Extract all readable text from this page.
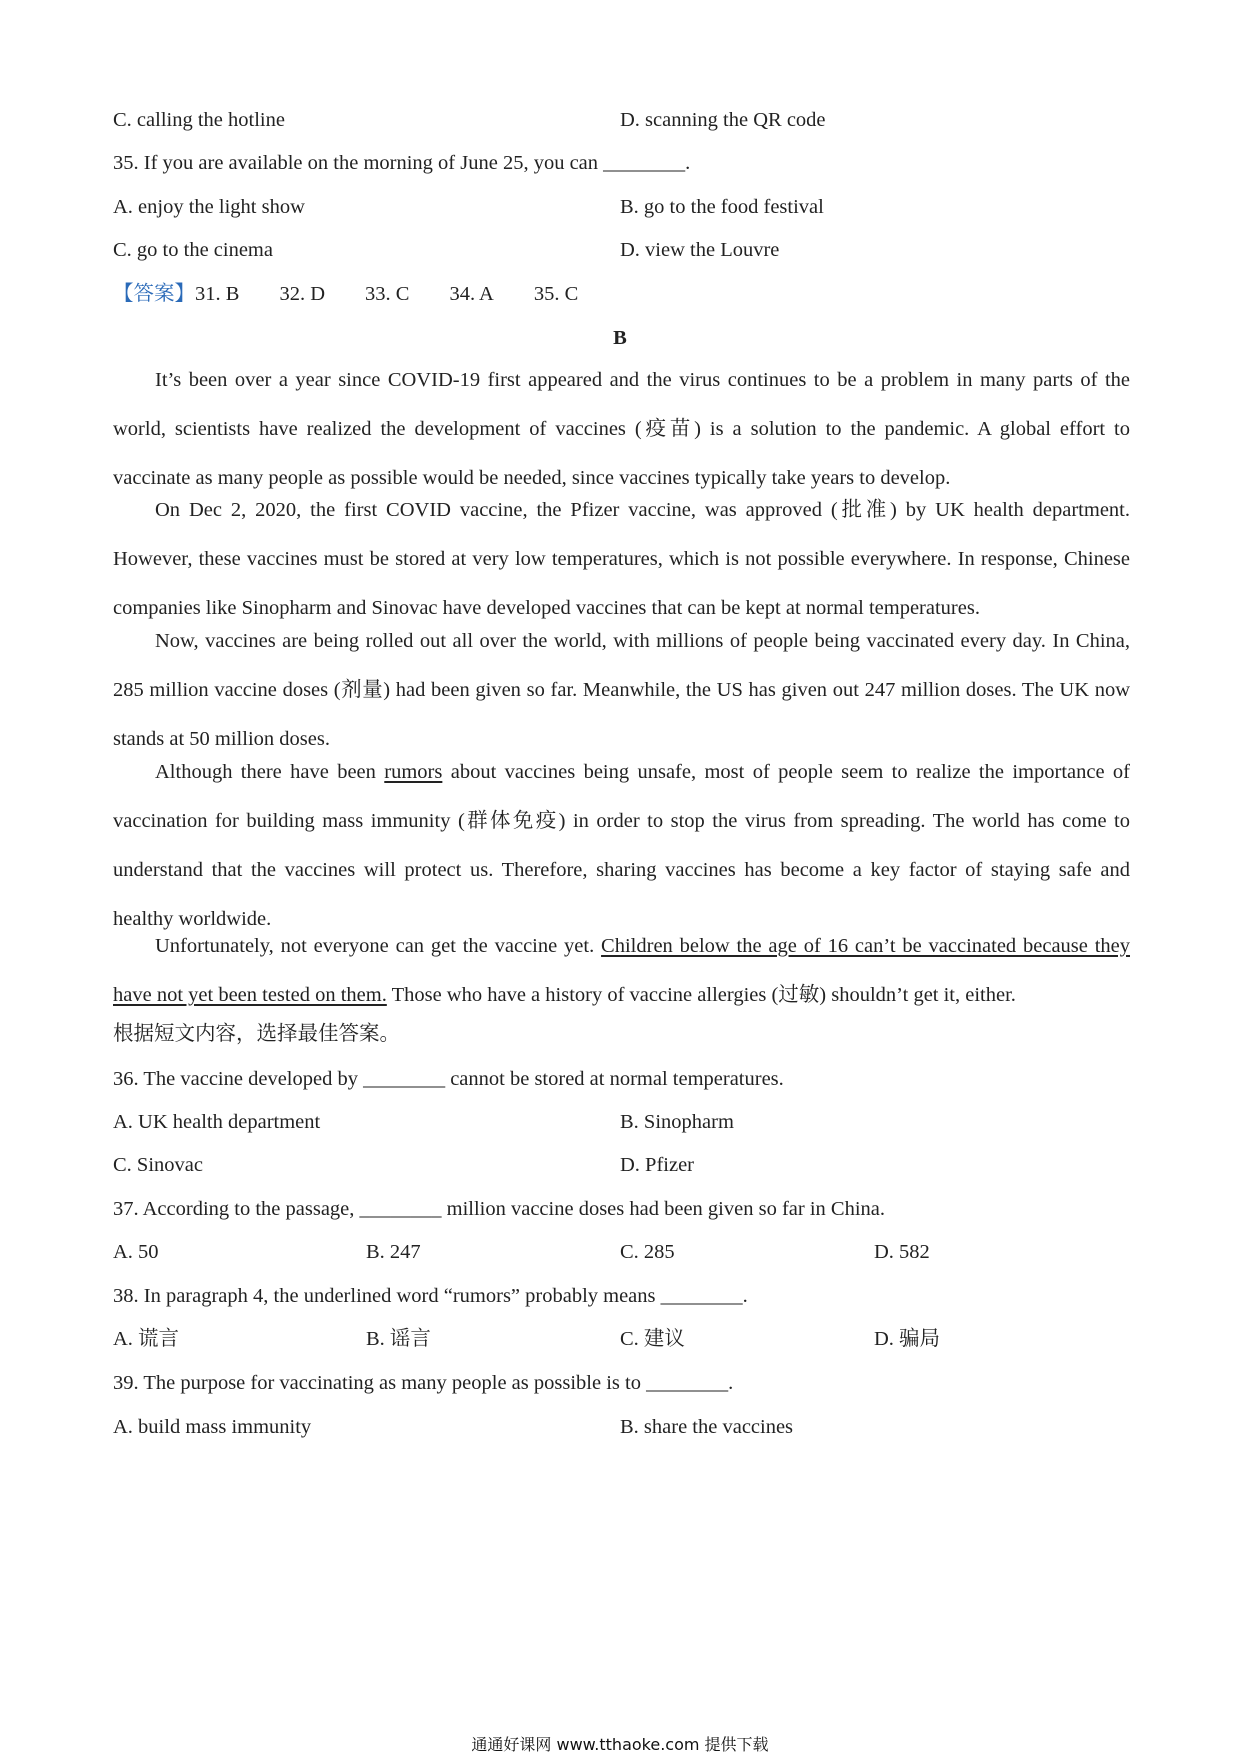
C. calling the hotline	D. scanning the QR code
35. If you are available on the morning of June 25, you can ________.
A. enjoy the light show	B. go to the food festival
C. go to the cinema	D. view the Louvre
【答案】31. B 32. D 33. C 34. A 35. C
B
It’s been over a year since COVID-19 first appeared and the virus continues to be a problem in many parts of the world, scientists have realized the development of vaccines (疫苗) is a solution to the pandemic. A global effort to vaccinate as many people as possible would be needed, since vaccines typically take years to develop.
On Dec 2, 2020, the first COVID vaccine, the Pfizer vaccine, was approved (批准) by UK health department. However, these vaccines must be stored at very low temperatures, which is not possible everywhere. In response, Chinese companies like Sinopharm and Sinovac have developed vaccines that can be kept at normal temperatures.
Now, vaccines are being rolled out all over the world, with millions of people being vaccinated every day. In China, 285 million vaccine doses (剂量) had been given so far. Meanwhile, the US has given out 247 million doses. The UK now stands at 50 million doses.
Although there have been rumors about vaccines being unsafe, most of people seem to realize the importance of vaccination for building mass immunity (群体免疫) in order to stop the virus from spreading. The world has come to understand that the vaccines will protect us. Therefore, sharing vaccines has become a key factor of staying safe and healthy worldwide.
Unfortunately, not everyone can get the vaccine yet. Children below the age of 16 can’t be vaccinated because they have not yet been tested on them. Those who have a history of vaccine allergies (过敏) shouldn’t get it, either.
根据短文内容，选择最佳答案。
36. The vaccine developed by ________ cannot be stored at normal temperatures.
A. UK health department	B. Sinopharm
C. Sinovac	D. Pfizer
37. According to the passage, ________ million vaccine doses had been given so far in China.
A. 50	B. 247	C. 285	D. 582
38. In paragraph 4, the underlined word “rumors” probably means ________.
A. 谎言	B. 谣言	C. 建议	D. 骗局
39. The purpose for vaccinating as many people as possible is to ________.
A. build mass immunity	B. share the vaccines
通通好课网 www.tthaoke.com 提供下载
